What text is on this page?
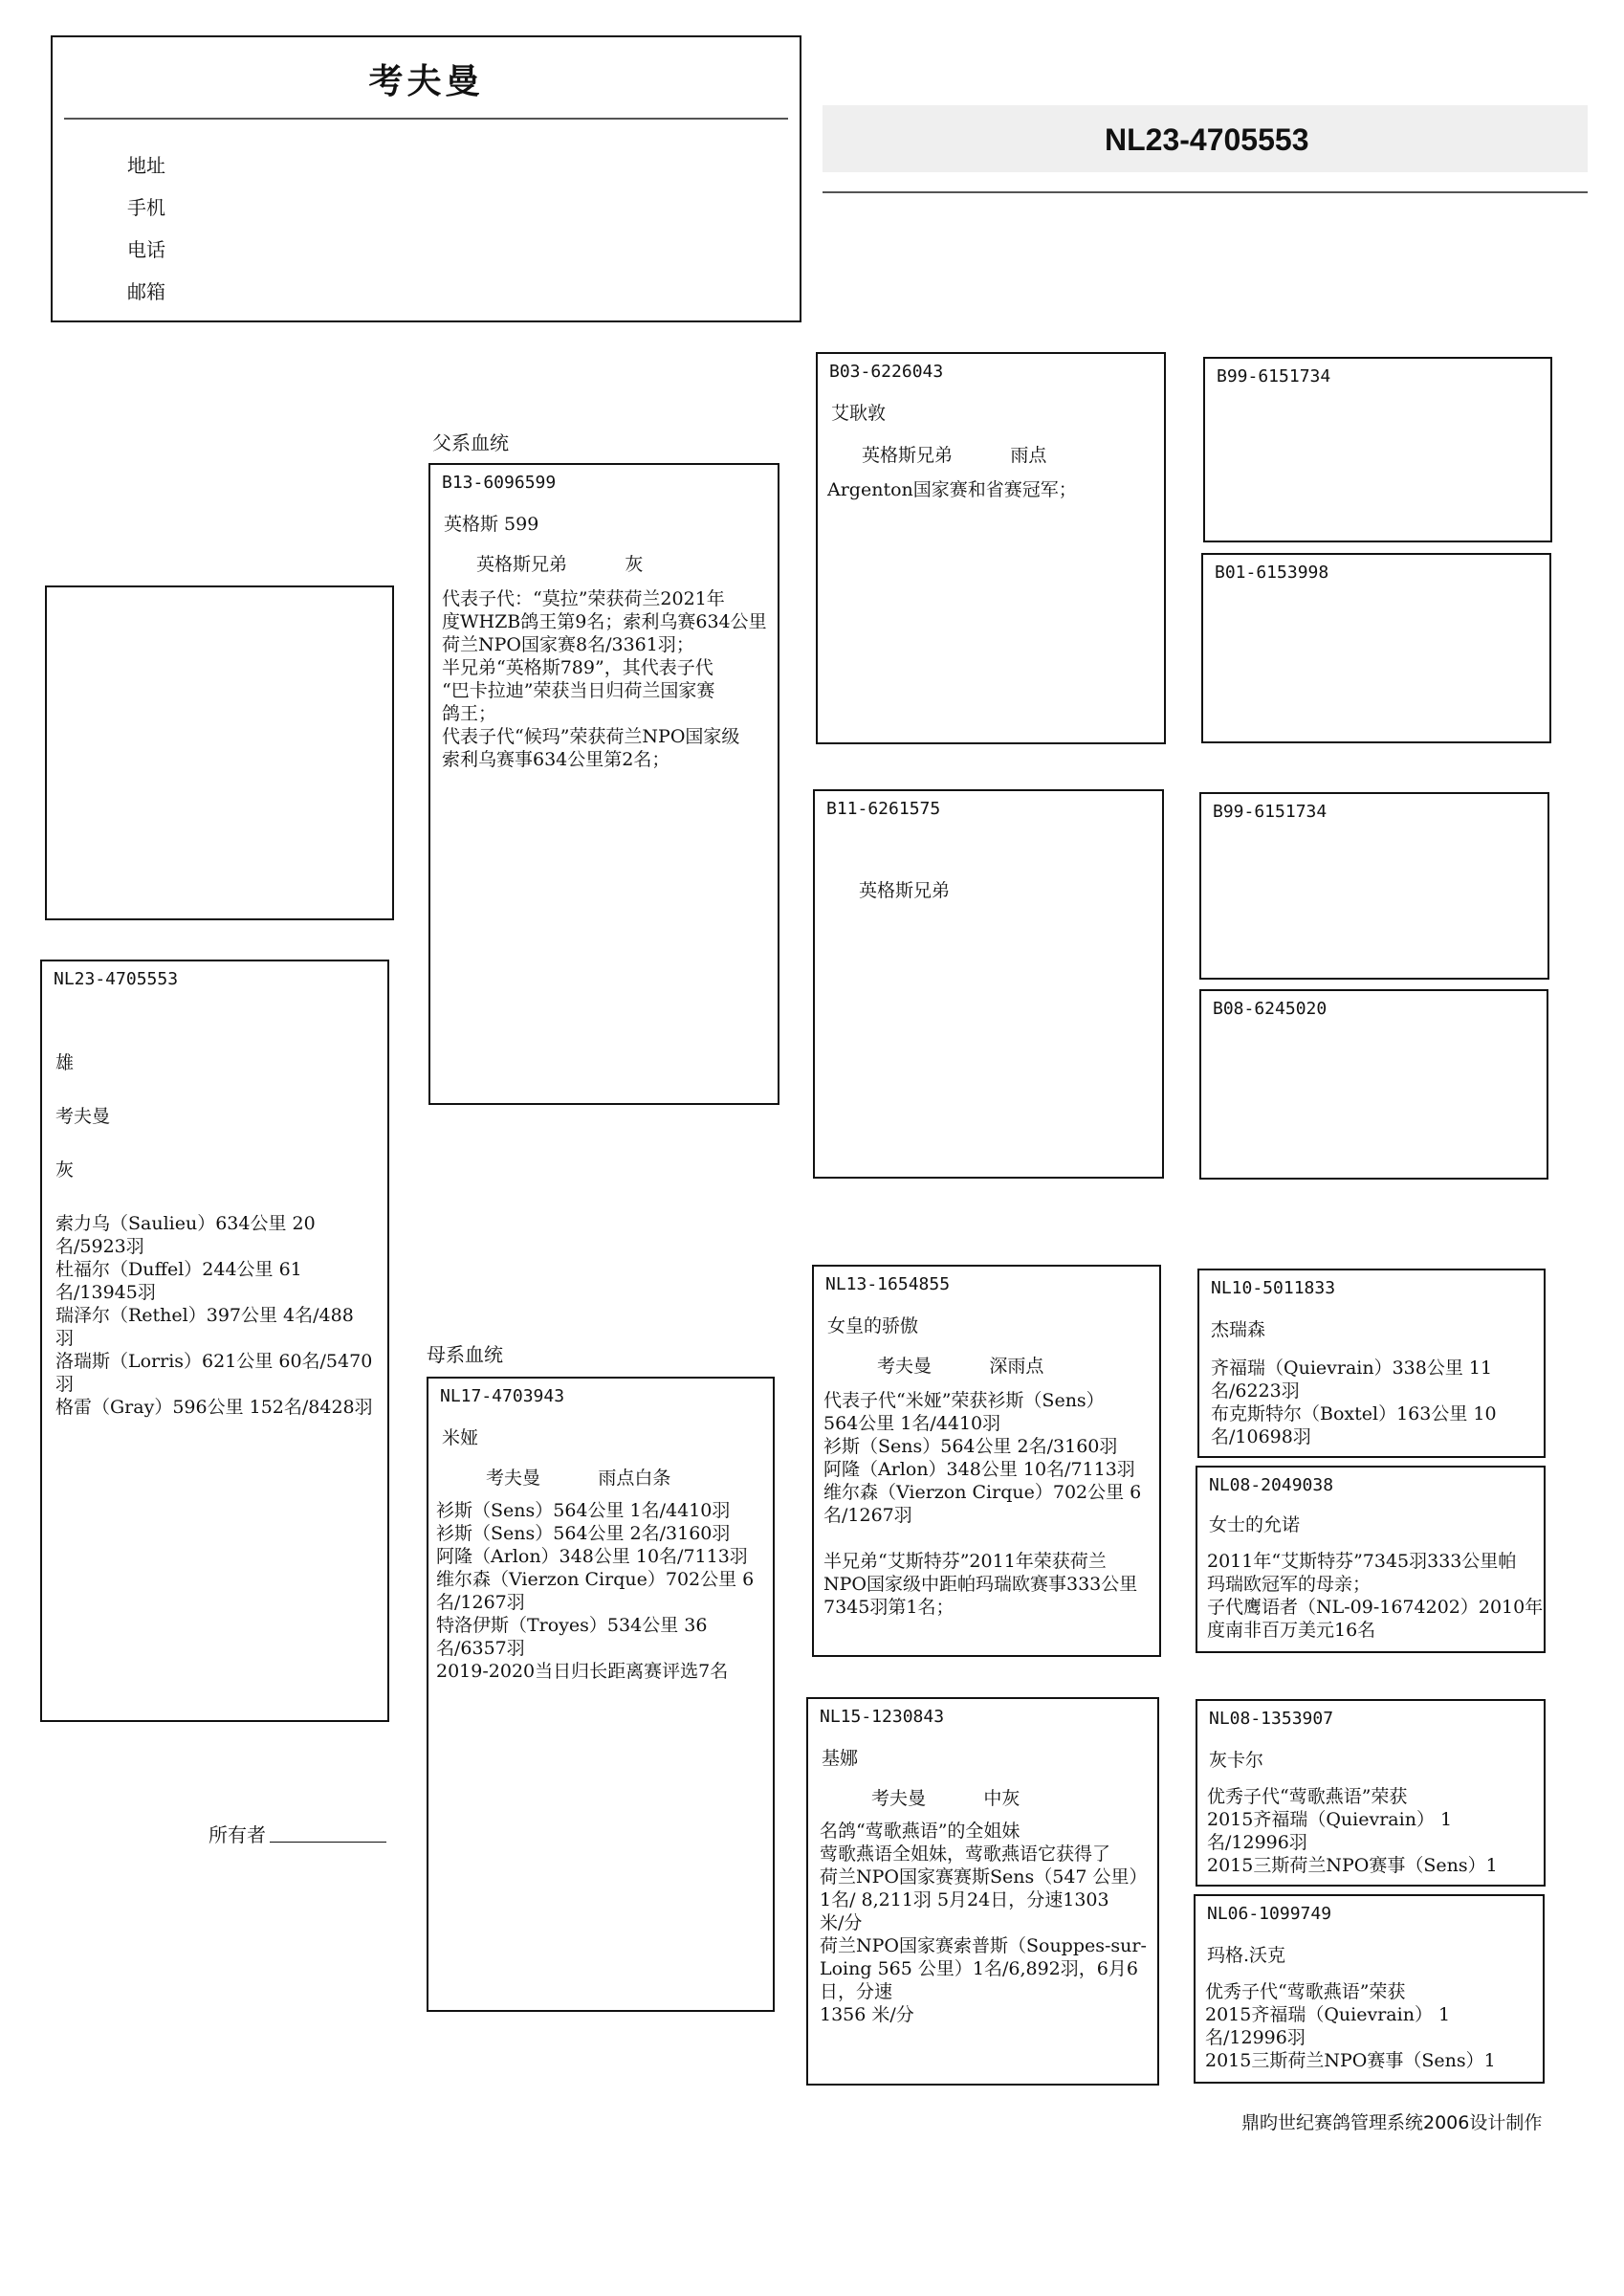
考夫曼
地址
手机
电话
邮箱
NL23-4705553
NL23-4705553
雄

考夫曼

灰
索力乌（Saulieu）634公里 20
名/5923羽
杜福尔（Duffel）244公里 61
名/13945羽
瑞泽尔（Rethel）397公里 4名/488
羽
洛瑞斯（Lorris）621公里 60名/5470
羽
格雷（Gray）596公里 152名/8428羽
所有者
父系血统
母系血统
B13-6096599
英格斯 599
英格斯兄弟          灰
代表子代：“莫拉”荣获荷兰2021年
度WHZB鸽王第9名；索利乌赛634公里
荷兰NPO国家赛8名/3361羽；
半兄弟“英格斯789”，其代表子代
“巴卡拉迪”荣获当日归荷兰国家赛
鸽王；
代表子代“候玛”荣获荷兰NPO国家级
索利乌赛事634公里第2名；
NL17-4703943
米娅
考夫曼          雨点白条
衫斯（Sens）564公里 1名/4410羽
衫斯（Sens）564公里 2名/3160羽
阿隆（Arlon）348公里 10名/7113羽
维尔森（Vierzon Cirque）702公里 6
名/1267羽
特洛伊斯（Troyes）534公里 36
名/6357羽
2019-2020当日归长距离赛评选7名
B03-6226043
艾耿敦
英格斯兄弟          雨点
Argenton国家赛和省赛冠军；
B11-6261575
英格斯兄弟
NL13-1654855
女皇的骄傲
考夫曼          深雨点
代表子代“米娅”荣获衫斯（Sens）
564公里 1名/4410羽
衫斯（Sens）564公里 2名/3160羽
阿隆（Arlon）348公里 10名/7113羽
维尔森（Vierzon Cirque）702公里 6
名/1267羽

半兄弟“艾斯特芬”2011年荣获荷兰
NPO国家级中距帕玛瑞欧赛事333公里
7345羽第1名；
NL15-1230843
基娜
考夫曼          中灰
名鸽“莺歌燕语”的全姐妹
莺歌燕语全姐妹，莺歌燕语它获得了
荷兰NPO国家赛赛斯Sens（547 公里）
1名/ 8,211羽 5月24日，分速1303
米/分
荷兰NPO国家赛索普斯（Souppes-sur-
Loing 565 公里）1名/6,892羽，6月6
日，分速
1356 米/分
B99-6151734
B01-6153998
B99-6151734
B08-6245020
NL10-5011833
杰瑞森
齐福瑞（Quievrain）338公里 11
名/6223羽
布克斯特尔（Boxtel）163公里 10
名/10698羽
NL08-2049038
女士的允诺
2011年“艾斯特芬”7345羽333公里帕
玛瑞欧冠军的母亲；
子代鹰语者（NL-09-1674202）2010年
度南非百万美元16名
NL08-1353907
灰卡尔
优秀子代“莺歌燕语”荣获
2015齐福瑞（Quievrain） 1
名/12996羽
2015三斯荷兰NPO赛事（Sens）1
NL06-1099749
玛格.沃克
优秀子代“莺歌燕语”荣获
2015齐福瑞（Quievrain） 1
名/12996羽
2015三斯荷兰NPO赛事（Sens）1
鼎昀世纪赛鸽管理系统2006设计制作
